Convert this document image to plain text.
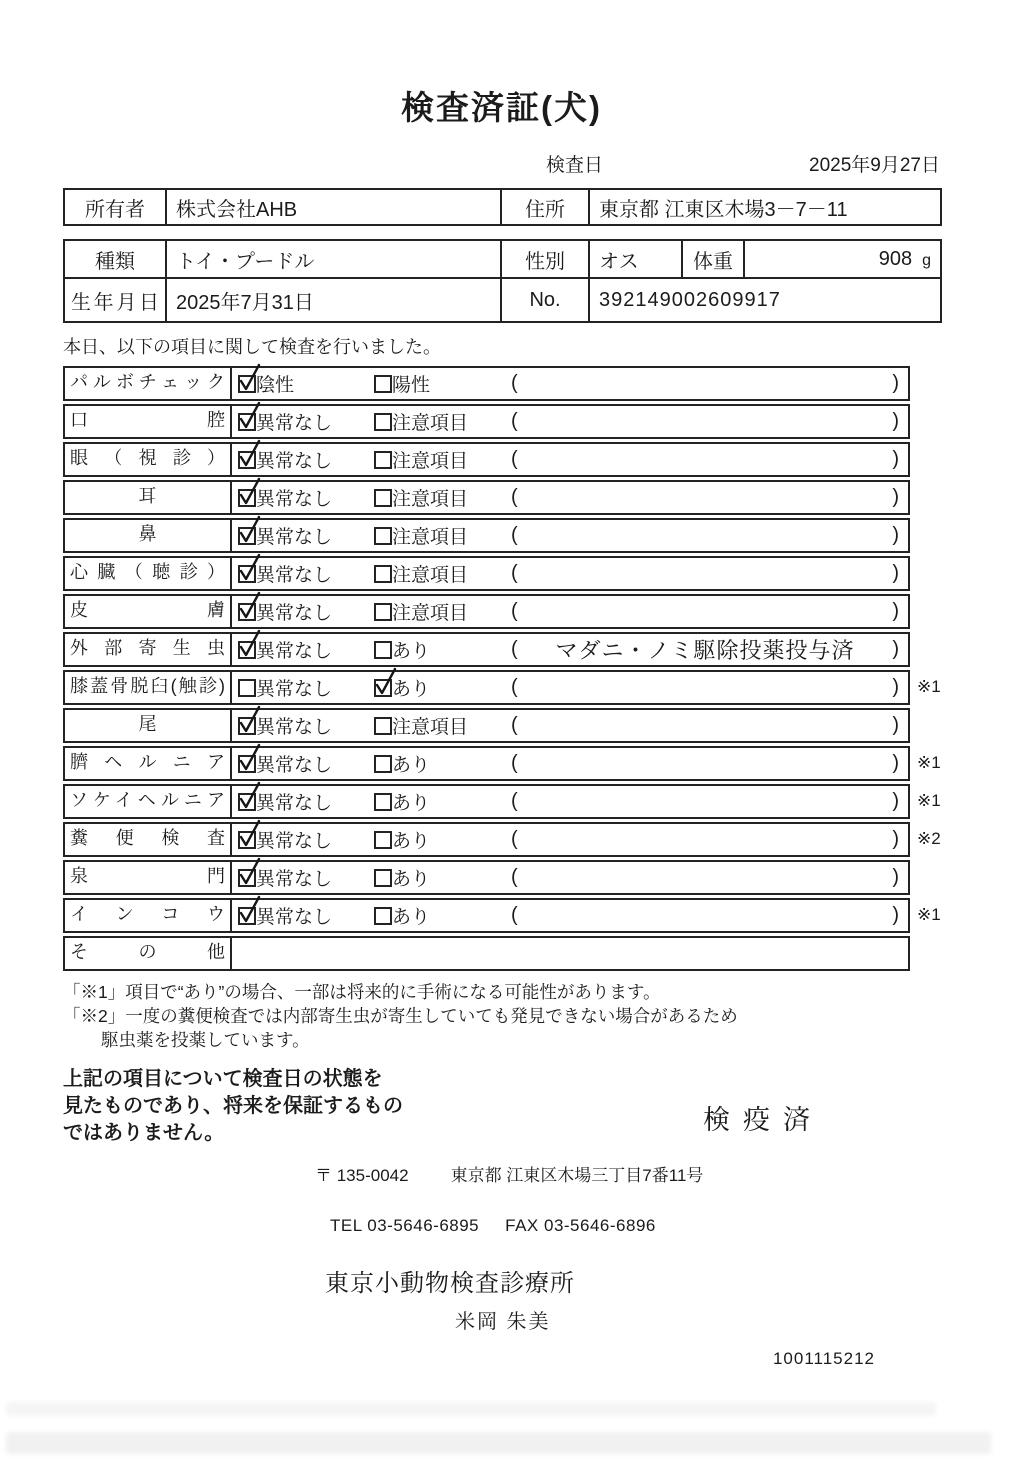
検査済証(犬)
検査日	2025年9月27日
所有者	株式会社AHB	住所	東京都 江東区木場3－7－11
種類	トイ・プードル	性別	オス	体重	908 g
生年月日	2025年7月31日	No.	392149002609917		

本日、以下の項目に関して検査を行いました。

パルボチェック	陰性	陽性	(	)
口腔	異常なし	注意項目 (	)
眼（視診）	異常なし	注意項目 (	)
耳	異常なし	注意項目 (	)
鼻	異常なし	注意項目 (	)
心臓（聴診）	異常なし	注意項目 (	)
皮膚	異常なし	注意項目 (	)
外部寄生虫	異常なし	あり	( マダニ・ノミ駆除投薬投与済 )
膝蓋骨脱臼(触診)	異常なし	あり	(	) ※1
尾	異常なし	注意項目 (	)
臍ヘルニア	異常なし	あり	(	) ※1
ソケイヘルニア	異常なし	あり	(	) ※1
糞便検査	異常なし	あり	(	) ※2
泉門	異常なし	あり	(	)
インコウ	異常なし	あり	(	) ※1
その他
「※1」項目で“あり”の場合、一部は将来的に手術になる可能性があります。
「※2」一度の糞便検査では内部寄生虫が寄生していても発見できない場合があるため
駆虫薬を投薬しています。
上記の項目について検査日の状態を
見たものであり、将来を保証するもの
ではありません。	検疫済
〒 135-0042 東京都 江東区木場三丁目7番11号
TEL 03-5646-6895 FAX 03-5646-6896
東京小動物検査診療所
米岡 朱美
1001115212
